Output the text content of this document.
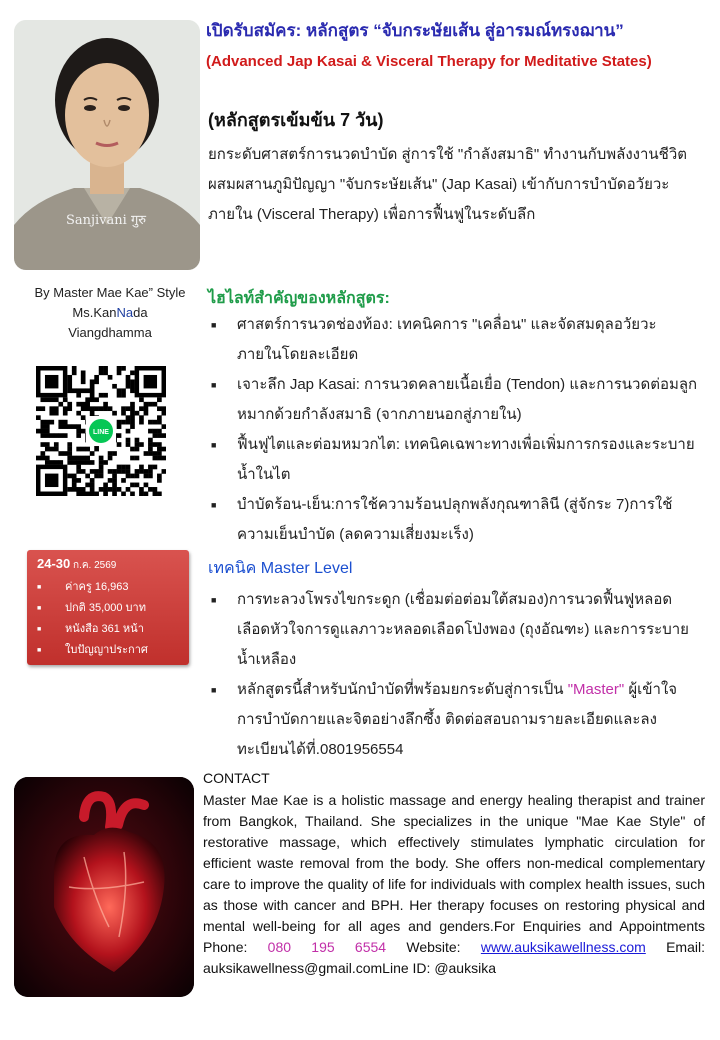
Sanjivani गुरु
By Master Mae Kae” Style
Ms.KanNada
Viangdhamma
LINE
24-30 ก.ค. 2569
■ ค่าครู 16,963
■ ปกติ 35,000 บาท
■ หนังสือ 361 หน้า
■ ใบปัญญาประกาศ
เปิดรับสมัคร: หลักสูตร “จับกระษัยเส้น สู่อารมณ์ทรงฌาน”
(Advanced Jap Kasai & Visceral Therapy for Meditative States)
(หลักสูตรเข้มข้น 7 วัน)
ยกระดับศาสตร์การนวดบำบัด สู่การใช้ "กำลังสมาธิ" ทำงานกับพลังงานชีวิต ผสมผสานภูมิปัญญา "จับกระษัยเส้น" (Jap Kasai) เข้ากับการบำบัดอวัยวะภายใน (Visceral Therapy) เพื่อการฟื้นฟูในระดับลึก
ไฮไลท์สำคัญของหลักสูตร:
■ ศาสตร์การนวดช่องท้อง: เทคนิคการ "เคลื่อน" และจัดสมดุลอวัยวะภายในโดยละเอียด
■ เจาะลึก Jap Kasai: การนวดคลายเนื้อเยื่อ (Tendon) และการนวดต่อมลูกหมากด้วยกำลังสมาธิ (จากภายนอกสู่ภายใน)
■ ฟื้นฟูไตและต่อมหมวกไต: เทคนิคเฉพาะทางเพื่อเพิ่มการกรองและระบายน้ำในไต
■ บำบัดร้อน-เย็น:การใช้ความร้อนปลุกพลังกุณฑาลินี (สู่จักระ 7)การใช้ความเย็นบำบัด (ลดความเสี่ยงมะเร็ง)
เทคนิค Master Level
■ การทะลวงโพรงไขกระดูก (เชื่อมต่อต่อมใต้สมอง)การนวดฟื้นฟูหลอดเลือดหัวใจการดูแลภาวะหลอดเลือดโป่งพอง (ถุงอัณฑะ) และการระบายน้ำเหลือง
■ หลักสูตรนี้สำหรับนักบำบัดที่พร้อมยกระดับสู่การเป็น "Master" ผู้เข้าใจการบำบัดกายและจิตอย่างลึกซึ้ง ติดต่อสอบถามรายละเอียดและลงทะเบียนได้ที่.0801956554
CONTACT
Master Mae Kae is a holistic massage and energy healing therapist and trainer from Bangkok, Thailand. She specializes in the unique "Mae Kae Style" of restorative massage, which effectively stimulates lymphatic circulation for efficient waste removal from the body. She offers non-medical complementary care to improve the quality of life for individuals with complex health issues, such as those with cancer and BPH. Her therapy focuses on restoring physical and mental well-being for all ages and genders.For Enquiries and Appointments Phone: 080 195 6554 Website: www.auksikawellness.com Email: auksikawellness@gmail.comLine ID: @auksika
